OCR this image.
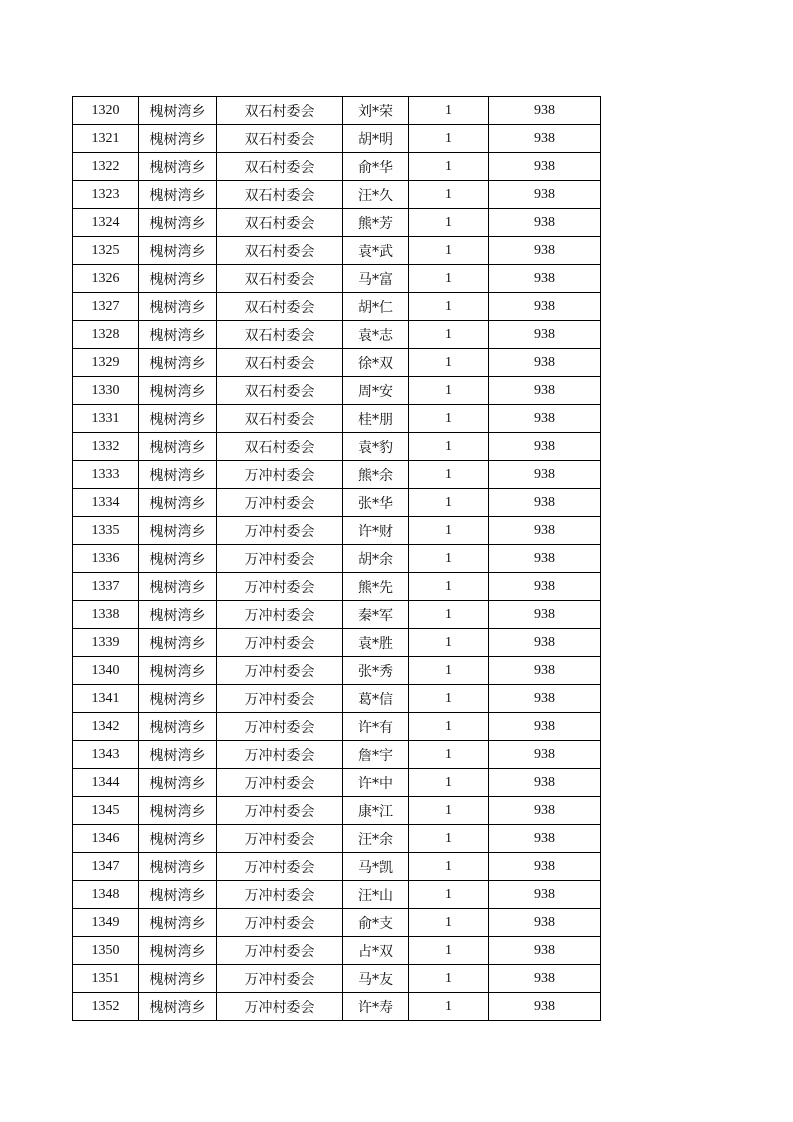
1320	槐树湾乡	双石村委会	刘*荣	1	938
1321	槐树湾乡	双石村委会	胡*明	1	938
1322	槐树湾乡	双石村委会	俞*华	1	938
1323	槐树湾乡	双石村委会	汪*久	1	938
1324	槐树湾乡	双石村委会	熊*芳	1	938
1325	槐树湾乡	双石村委会	袁*武	1	938
1326	槐树湾乡	双石村委会	马*富	1	938
1327	槐树湾乡	双石村委会	胡*仁	1	938
1328	槐树湾乡	双石村委会	袁*志	1	938
1329	槐树湾乡	双石村委会	徐*双	1	938
1330	槐树湾乡	双石村委会	周*安	1	938
1331	槐树湾乡	双石村委会	桂*朋	1	938
1332	槐树湾乡	双石村委会	袁*豹	1	938
1333	槐树湾乡	万冲村委会	熊*余	1	938
1334	槐树湾乡	万冲村委会	张*华	1	938
1335	槐树湾乡	万冲村委会	许*财	1	938
1336	槐树湾乡	万冲村委会	胡*余	1	938
1337	槐树湾乡	万冲村委会	熊*先	1	938
1338	槐树湾乡	万冲村委会	秦*军	1	938
1339	槐树湾乡	万冲村委会	袁*胜	1	938
1340	槐树湾乡	万冲村委会	张*秀	1	938
1341	槐树湾乡	万冲村委会	葛*信	1	938
1342	槐树湾乡	万冲村委会	许*有	1	938
1343	槐树湾乡	万冲村委会	詹*宇	1	938
1344	槐树湾乡	万冲村委会	许*中	1	938
1345	槐树湾乡	万冲村委会	康*江	1	938
1346	槐树湾乡	万冲村委会	汪*余	1	938
1347	槐树湾乡	万冲村委会	马*凯	1	938
1348	槐树湾乡	万冲村委会	汪*山	1	938
1349	槐树湾乡	万冲村委会	俞*支	1	938
1350	槐树湾乡	万冲村委会	占*双	1	938
1351	槐树湾乡	万冲村委会	马*友	1	938
1352	槐树湾乡	万冲村委会	许*寿	1	938
